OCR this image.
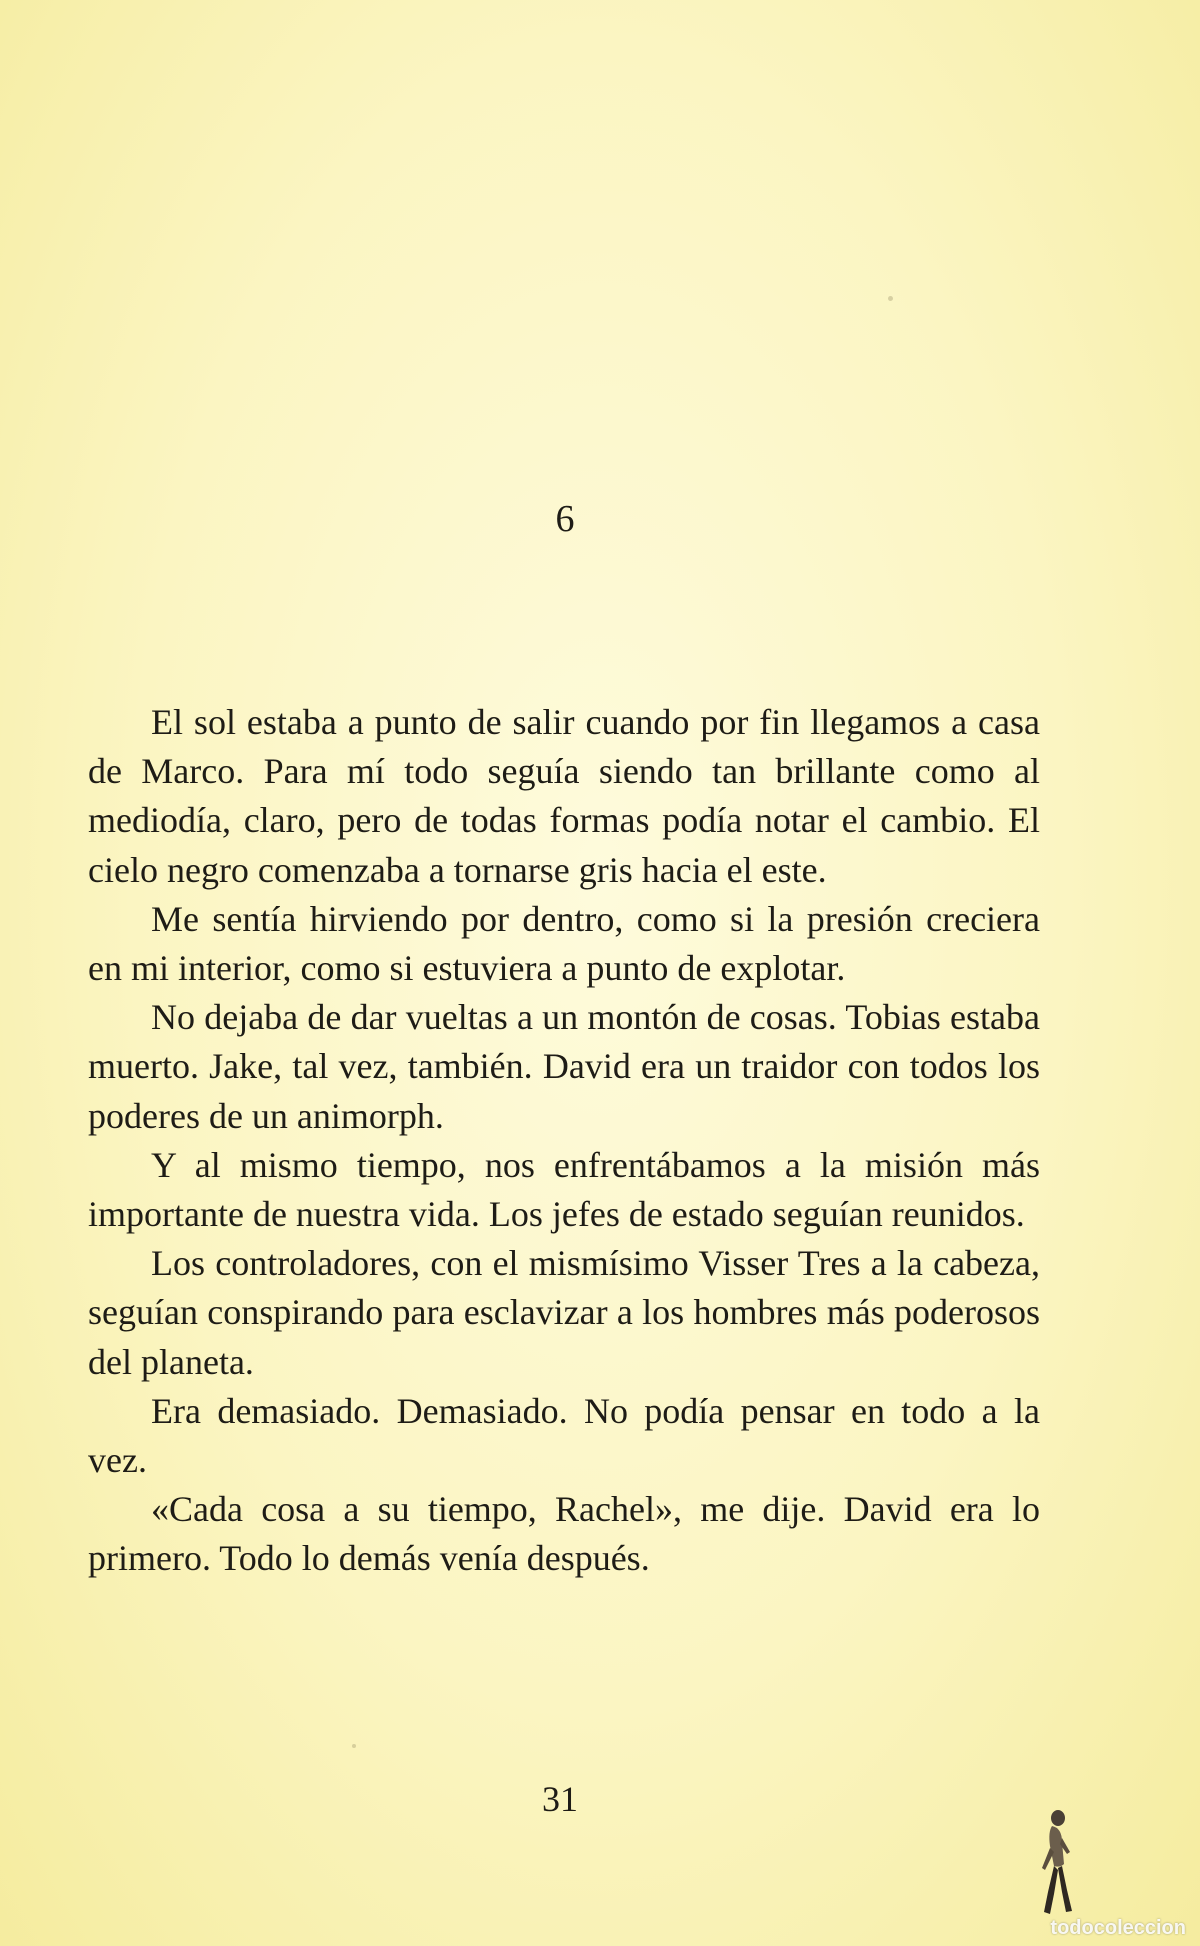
6

El sol estaba a punto de salir cuando por fin llegamos a casa de Marco. Para mí todo seguía siendo tan brillante como al mediodía, claro, pero de todas formas podía notar el cambio. El cielo negro comenzaba a tornarse gris hacia el este.

Me sentía hirviendo por dentro, como si la presión creciera en mi interior, como si estuviera a punto de explotar.

No dejaba de dar vueltas a un montón de cosas. Tobias estaba muerto. Jake, tal vez, también. David era un traidor con todos los poderes de un animorph.

Y al mismo tiempo, nos enfrentábamos a la misión más importante de nuestra vida. Los jefes de estado seguían reunidos.

Los controladores, con el mismísimo Visser Tres a la cabeza, seguían conspirando para esclavizar a los hombres más poderosos del planeta.

Era demasiado. Demasiado. No podía pensar en todo a la vez.

«Cada cosa a su tiempo, Rachel», me dije. David era lo primero. Todo lo demás venía después.

31
todocoleccion
